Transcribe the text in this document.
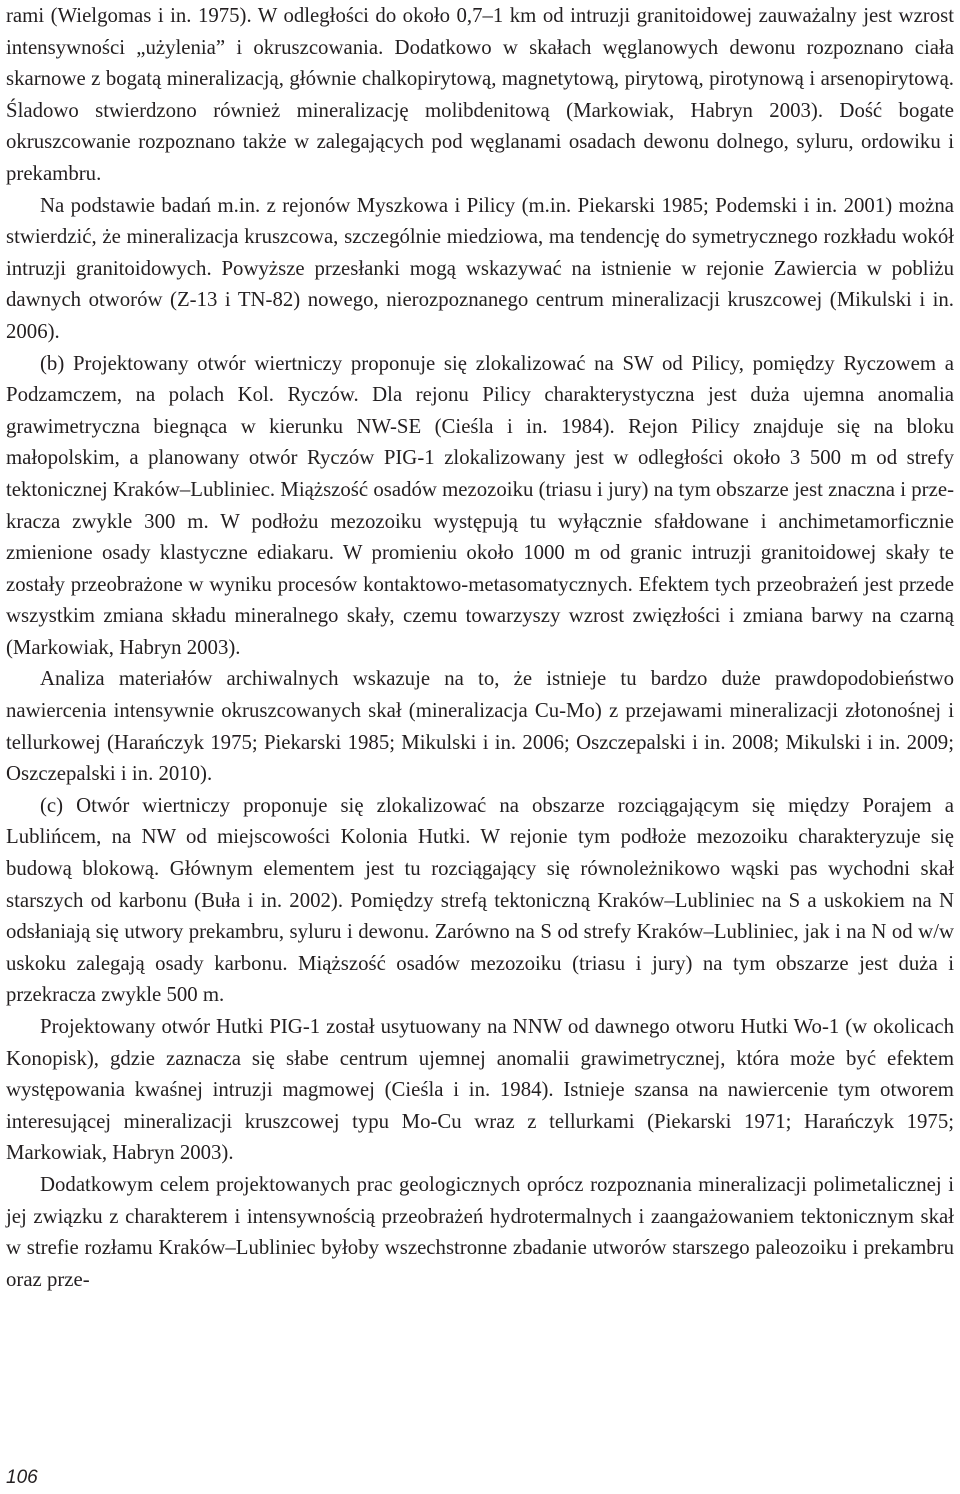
rami (Wielgomas i in. 1975). W odległości do około 0,7–1 km od intruzji granitoidowej zauważalny jest wzrost intensywności „użylenia” i okruszcowania. Dodatkowo w skałach węglanowych dewonu rozpoznano ciała skarnowe z bogatą mineralizacją, głównie chalkopirytową, magnetytową, pirytową, pirotynową i arsenopirytową. Śladowo stwierdzono również mineralizację molibdenitową (Markowiak, Habryn 2003). Dość bogate okruszcowanie rozpoznano także w zalegających pod węglanami osadach dewonu dolnego, syluru, ordowiku i prekambru.

Na podstawie badań m.in. z rejonów Myszkowa i Pilicy (m.in. Piekarski 1985; Podemski i in. 2001) można stwierdzić, że mineralizacja kruszcowa, szczególnie miedziowa, ma tendencję do symetrycznego rozkładu wokół intruzji granitoidowych. Powyższe przesłanki mogą wskazywać na istnienie w rejonie Zawiercia w pobliżu dawnych otworów (Z-13 i TN-82) nowego, nierozpoznanego centrum mineralizacji kruszcowej (Mikulski i in. 2006).

(b) Projektowany otwór wiertniczy proponuje się zlokalizować na SW od Pilicy, pomiędzy Ryczowem a Podzamczem, na polach Kol. Ryczów. Dla rejonu Pilicy charakterystyczna jest duża ujemna anomalia grawimetryczna biegnąca w kierunku NW-SE (Cieśla i in. 1984). Rejon Pilicy znajduje się na bloku małopolskim, a planowany otwór Ryczów PIG-1 zlokalizowany jest w odległości około 3 500 m od strefy tektonicznej Kraków–Lubliniec. Miąższość osadów mezozoiku (triasu i jury) na tym obszarze jest znaczna i przekracza zwykle 300 m. W podłożu mezozoiku występują tu wyłącznie sfałdowane i anchimetamorficznie zmienione osady klastyczne ediakaru. W promieniu około 1000 m od granic intruzji granitoidowej skały te zostały przeobrażone w wyniku procesów kontaktowo-metasomatycznych. Efektem tych przeobrażeń jest przede wszystkim zmiana składu mineralnego skały, czemu towarzyszy wzrost zwięzłości i zmiana barwy na czarną (Markowiak, Habryn 2003).

Analiza materiałów archiwalnych wskazuje na to, że istnieje tu bardzo duże prawdopodobieństwo nawiercenia intensywnie okruszcowanych skał (mineralizacja Cu-Mo) z przejawami mineralizacji złotonośnej i tellurkowej (Harańczyk 1975; Piekarski 1985; Mikulski i in. 2006; Oszczepalski i in. 2008; Mikulski i in. 2009; Oszczepalski i in. 2010).

(c) Otwór wiertniczy proponuje się zlokalizować na obszarze rozciągającym się między Porajem a Lublińcem, na NW od miejscowości Kolonia Hutki. W rejonie tym podłoże mezozoiku charakteryzuje się budową blokową. Głównym elementem jest tu rozciągający się równoleżnikowo wąski pas wychodni skał starszych od karbonu (Buła i in. 2002). Pomiędzy strefą tektoniczną Kraków–Lubliniec na S a uskokiem na N odsłaniają się utwory prekambru, syluru i dewonu. Zarówno na S od strefy Kraków–Lubliniec, jak i na N od w/w uskoku zalegają osady karbonu. Miąższość osadów mezozoiku (triasu i jury) na tym obszarze jest duża i przekracza zwykle 500 m.

Projektowany otwór Hutki PIG-1 został usytuowany na NNW od dawnego otworu Hutki Wo-1 (w okolicach Konopisk), gdzie zaznacza się słabe centrum ujemnej anomalii grawimetrycznej, która może być efektem występowania kwaśnej intruzji magmowej (Cieśla i in. 1984). Istnieje szansa na nawiercenie tym otworem interesującej mineralizacji kruszcowej typu Mo-Cu wraz z tellurkami (Piekarski 1971; Harańczyk 1975; Markowiak, Habryn 2003).

Dodatkowym celem projektowanych prac geologicznych oprócz rozpoznania mineralizacji polimetalicznej i jej związku z charakterem i intensywnością przeobrażeń hydrotermalnych i zaangażowaniem tektonicznym skał w strefie rozłamu Kraków–Lubliniec byłoby wszechstronne zbadanie utworów starszego paleozoiku i prekambru oraz prze-

106
